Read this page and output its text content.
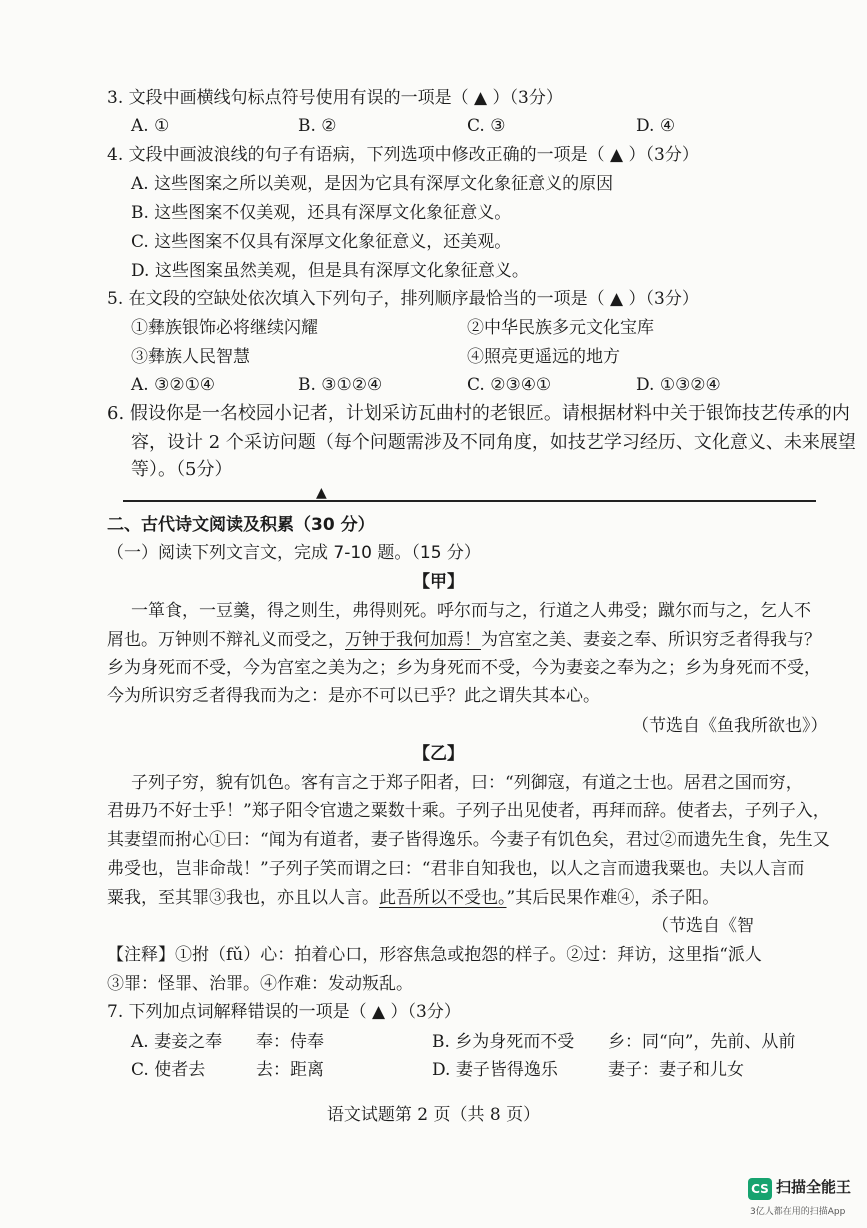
3. 文段中画横线句标点符号使用有误的一项是（ ▲ ）（3分）
A. ①	B. ②	C. ③	D. ④
4. 文段中画波浪线的句子有语病，下列选项中修改正确的一项是（ ▲ ）（3分）
A. 这些图案之所以美观，是因为它具有深厚文化象征意义的原因
B. 这些图案不仅美观，还具有深厚文化象征意义。
C. 这些图案不仅具有深厚文化象征意义，还美观。
D. 这些图案虽然美观，但是具有深厚文化象征意义。
5. 在文段的空缺处依次填入下列句子，排列顺序最恰当的一项是（ ▲ ）（3分）
①彝族银饰必将继续闪耀	②中华民族多元文化宝库
③彝族人民智慧	④照亮更遥远的地方
A. ③②①④	B. ③①②④	C. ②③④①	D. ①③②④
6. 假设你是一名校园小记者，计划采访瓦曲村的老银匠。请根据材料中关于银饰技艺传承的内
容，设计 2 个采访问题（每个问题需涉及不同角度，如技艺学习经历、文化意义、未来展望
等）。（5分）
▲
二、古代诗文阅读及积累（30 分）
（一）阅读下列文言文，完成 7-10 题。（15 分）
【甲】
一箪食，一豆羹，得之则生，弗得则死。呼尔而与之，行道之人弗受；蹴尔而与之，乞人不
屑也。万钟则不辩礼义而受之，万钟于我何加焉！为宫室之美、妻妾之奉、所识穷乏者得我与？
乡为身死而不受，今为宫室之美为之；乡为身死而不受，今为妻妾之奉为之；乡为身死而不受，
今为所识穷乏者得我而为之：是亦不可以已乎？此之谓失其本心。
（节选自《鱼我所欲也》）
【乙】
子列子穷，貌有饥色。客有言之于郑子阳者，曰：“列御寇，有道之士也。居君之国而穷，
君毋乃不好士乎！”郑子阳令官遗之粟数十乘。子列子出见使者，再拜而辞。使者去，子列子入，
其妻望而拊心①曰：“闻为有道者，妻子皆得逸乐。今妻子有饥色矣，君过②而遗先生食，先生又
弗受也，岂非命哉！”子列子笑而谓之曰：“君非自知我也，以人之言而遗我粟也。夫以人言而
粟我，至其罪③我也，亦且以人言。此吾所以不受也。”其后民果作难④，杀子阳。
（节选自《智
【注释】①拊（fǔ）心：拍着心口，形容焦急或抱怨的样子。②过：拜访，这里指“派人
③罪：怪罪、治罪。④作难：发动叛乱。
7. 下列加点词解释错误的一项是（ ▲ ）（3分）
A. 妻妾之奉 奉：侍奉	B. 乡为身死而不受 乡：同“向”，先前、从前
C. 使者去	去：距离	D. 妻子皆得逸乐	妻子：妻子和儿女
语文试题第 2 页（共 8 页）
CS 扫描全能王
3亿人都在用的扫描App
